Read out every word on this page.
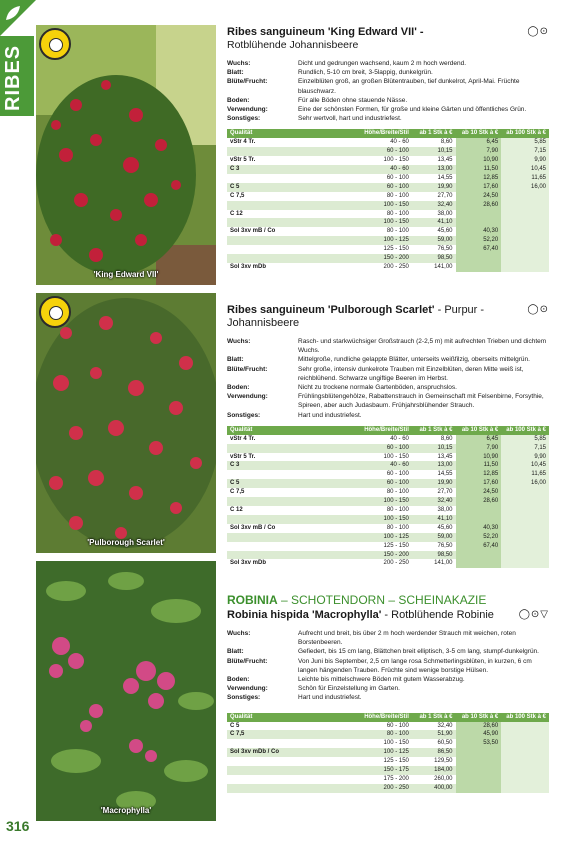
RIBES
316
'King Edward VII'
'Pulborough Scarlet'
'Macrophylla'
Ribes sanguineum 'King Edward VII' -
Rotblühende Johannisbeere
◯⊙
Wuchs:	Dicht und gedrungen wachsend, kaum 2 m hoch werdend.
Blatt:	Rundlich, 5-10 cm breit, 3-5lappig, dunkelgrün.
Blüte/Frucht:	Einzelblüten groß, an großen Blütentrauben, tief dunkelrot, April-Mai. Früchte blauschwarz.
Boden:	Für alle Böden ohne stauende Nässe.
Verwendung:	Eine der schönsten Formen, für große und kleine Gärten und öffentliches Grün.
Sonstiges:	Sehr wertvoll, hart und industriefest.
Qualität	Höhe/Breite/Stil	ab 1 Stk à €	ab 10 Stk à €	ab 100 Stk à €
vStr 4 Tr.	40 - 60	8,60	6,45	5,85
	60 - 100	10,15	7,90	7,15
vStr 5 Tr.	100 - 150	13,45	10,90	9,90
C 3	40 - 60	13,00	11,50	10,45
	60 - 100	14,55	12,85	11,65
C 5	60 - 100	19,90	17,60	16,00
C 7,5	80 - 100	27,70	24,50	
	100 - 150	32,40	28,60	
C 12	80 - 100	38,00		
	100 - 150	41,10		
Sol 3xv mB / Co	80 - 100	45,60	40,30	
	100 - 125	59,00	52,20	
	125 - 150	76,50	67,40	
	150 - 200	98,50		
Sol 3xv mDb	200 - 250	141,00		
Ribes sanguineum 'Pulborough Scarlet' - Purpur -Johannisbeere
◯⊙
Wuchs:	Rasch- und starkwüchsiger Großstrauch (2-2,5 m) mit aufrechten Trieben und dichtem Wuchs.
Blatt:	Mittelgroße, rundliche gelappte Blätter, unterseits weißfilzig, oberseits mittelgrün.
Blüte/Frucht:	Sehr große, intensiv dunkelrote Trauben mit Einzelblüten, deren Mitte weiß ist, reichblühend. Schwarze ungiftige Beeren im Herbst.
Boden:	Nicht zu trockene normale Gartenböden, anspruchslos.
Verwendung:	Frühlingsblütengehölze, Rabattenstrauch in Gemeinschaft mit Felsenbirne, Forsythie, Spireen, aber auch Judasbaum. Frühjahrsblühender Strauch.
Sonstiges:	Hart und industriefest.
Qualität	Höhe/Breite/Stil	ab 1 Stk à €	ab 10 Stk à €	ab 100 Stk à €
vStr 4 Tr.	40 - 60	8,60	6,45	5,85
	60 - 100	10,15	7,90	7,15
vStr 5 Tr.	100 - 150	13,45	10,90	9,90
C 3	40 - 60	13,00	11,50	10,45
	60 - 100	14,55	12,85	11,65
C 5	60 - 100	19,90	17,60	16,00
C 7,5	80 - 100	27,70	24,50	
	100 - 150	32,40	28,60	
C 12	80 - 100	38,00		
	100 - 150	41,10		
Sol 3xv mB / Co	80 - 100	45,60	40,30	
	100 - 125	59,00	52,20	
	125 - 150	76,50	67,40	
	150 - 200	98,50		
Sol 3xv mDb	200 - 250	141,00		
ROBINIA – SCHOTENDORN – SCHEINAKAZIE
Robinia hispida 'Macrophylla' - Rotblühende Robinie	◯⊙▽
Wuchs:	Aufrecht und breit, bis über 2 m hoch werdender Strauch mit weichen, roten Borstenbeeren.
Blatt:	Gefiedert, bis 15 cm lang, Blättchen breit elliptisch, 3-5 cm lang, stumpf-dunkelgrün.
Blüte/Frucht:	Von Juni bis September, 2,5 cm lange rosa Schmetterlingsblüten, in kurzen, 6 cm langen hängenden Trauben. Früchte sind wenige borstige Hülsen.
Boden:	Leichte bis mittelschwere Böden mit gutem Wasserabzug.
Verwendung:	Schön für Einzelstellung im Garten.
Sonstiges:	Hart und industriefest.
Qualität	Höhe/Breite/Stil	ab 1 Stk à €	ab 10 Stk à €	ab 100 Stk à €
C 5	60 - 100	32,40	28,60	
C 7,5	80 - 100	51,90	45,90	
	100 - 150	60,50	53,50	
Sol 3xv mDb / Co	100 - 125	86,50		
	125 - 150	129,50		
	150 - 175	184,00		
	175 - 200	260,00		
	200 - 250	400,00		
